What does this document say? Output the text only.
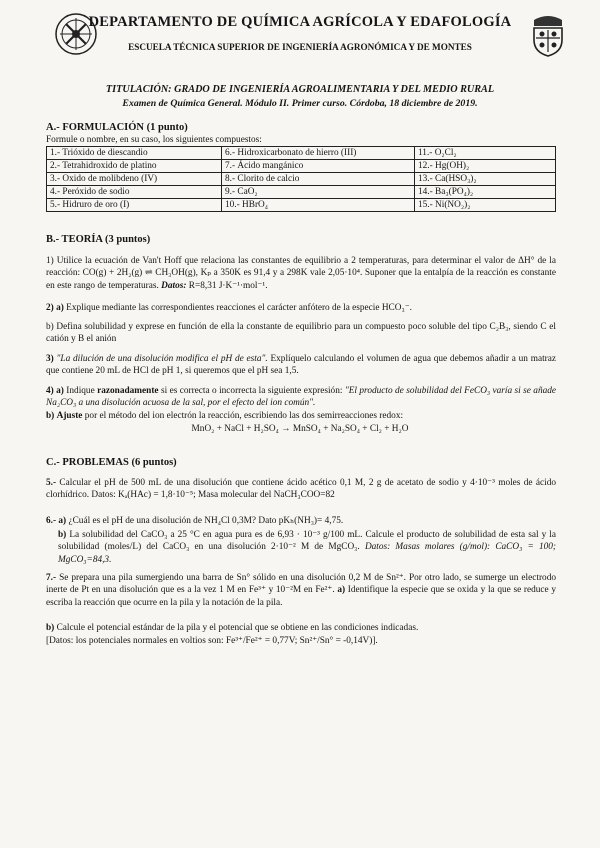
DEPARTAMENTO DE QUÍMICA AGRÍCOLA Y EDAFOLOGÍA
ESCUELA TÉCNICA SUPERIOR DE INGENIERÍA AGRONÓMICA Y DE MONTES
TITULACIÓN: GRADO DE INGENIERÍA AGROALIMENTARIA Y DEL MEDIO RURAL
Examen de Química General. Módulo II. Primer curso. Córdoba, 18 diciembre de 2019.
A.- FORMULACIÓN (1 punto)
Formule o nombre, en su caso, los siguientes compuestos:
1.- Trióxido de diescandio	6.- Hidroxicarbonato de hierro (III)	11.- O₂Cl₂
2.- Tetrahidroxido de platino	7.- Ácido mangánico	12.- Hg(OH)₂
3.- Oxido de molibdeno (IV)	8.- Clorito de calcio	13.- Ca(HSO₃)₂
4.- Peróxido de sodio	9.- CaO₂	14.- Ba₃(PO₄)₂
5.- Hidruro de oro (I)	10.- HBrO₄	15.- Ni(NO₂)₂
B.- TEORÍA (3 puntos)
1) Utilice la ecuación de Van't Hoff que relaciona las constantes de equilibrio a 2 temperaturas, para determinar el valor de ΔH° de la reacción: CO(g) + 2H₂(g) ⇌ CH₃OH(g), Kₚ a 350K es 91,4 y a 298K vale 2,05·10⁴. Suponer que la entalpía de la reacción es constante en este rango de temperaturas. Datos: R=8,31 J·K⁻¹·mol⁻¹.
2) a) Explique mediante las correspondientes reacciones el carácter anfótero de la especie HCO₃⁻.
b) Defina solubilidad y exprese en función de ella la constante de equilibrio para un compuesto poco soluble del tipo C₂B₃, siendo C el catión y B el anión
3) "La dilución de una disolución modifica el pH de esta". Explíquelo calculando el volumen de agua que debemos añadir a un matraz que contiene 20 mL de HCl de pH 1, si queremos que el pH sea 1,5.
4) a) Indique razonadamente si es correcta o incorrecta la siguiente expresión: "El producto de solubilidad del FeCO₃ varía si se añade Na₂CO₃ a una disolución acuosa de la sal, por el efecto del ion común".
b) Ajuste por el método del ion electrón la reacción, escribiendo las dos semirreacciones redox:
MnO₂ + NaCl + H₂SO₄ → MnSO₄ + Na₂SO₄ + Cl₂ + H₂O
C.- PROBLEMAS (6 puntos)
5.- Calcular el pH de 500 mL de una disolución que contiene ácido acético 0,1 M, 2 g de acetato de sodio y 4·10⁻³ moles de ácido clorhídrico. Datos: Kₐ(HAc) = 1,8·10⁻⁵; Masa molecular del NaCH₃COO=82
6.- a) ¿Cuál es el pH de una disolución de NH₄Cl 0,3M? Dato pKₕ(NH₃)= 4,75.
b) La solubilidad del CaCO₃ a 25 °C en agua pura es de 6,93 · 10⁻³ g/100 mL. Calcule el producto de solubilidad de esta sal y la solubilidad (moles/L) del CaCO₃ en una disolución 2·10⁻² M de MgCO₃. Datos: Masas molares (g/mol): CaCO₃ = 100; MgCO₃=84,3.
7.- Se prepara una pila sumergiendo una barra de Sn° sólido en una disolución 0,2 M de Sn²⁺. Por otro lado, se sumerge un electrodo inerte de Pt en una disolución que es a la vez 1 M en Fe³⁺ y 10⁻²M en Fe²⁺. a) Identifique la especie que se oxida y la que se reduce y escriba la reacción que ocurre en la pila y la notación de la pila.
b) Calcule el potencial estándar de la pila y el potencial que se obtiene en las condiciones indicadas.
[Datos: los potenciales normales en voltios son: Fe³⁺/Fe²⁺ = 0,77V; Sn²⁺/Sn° = -0,14V)].
